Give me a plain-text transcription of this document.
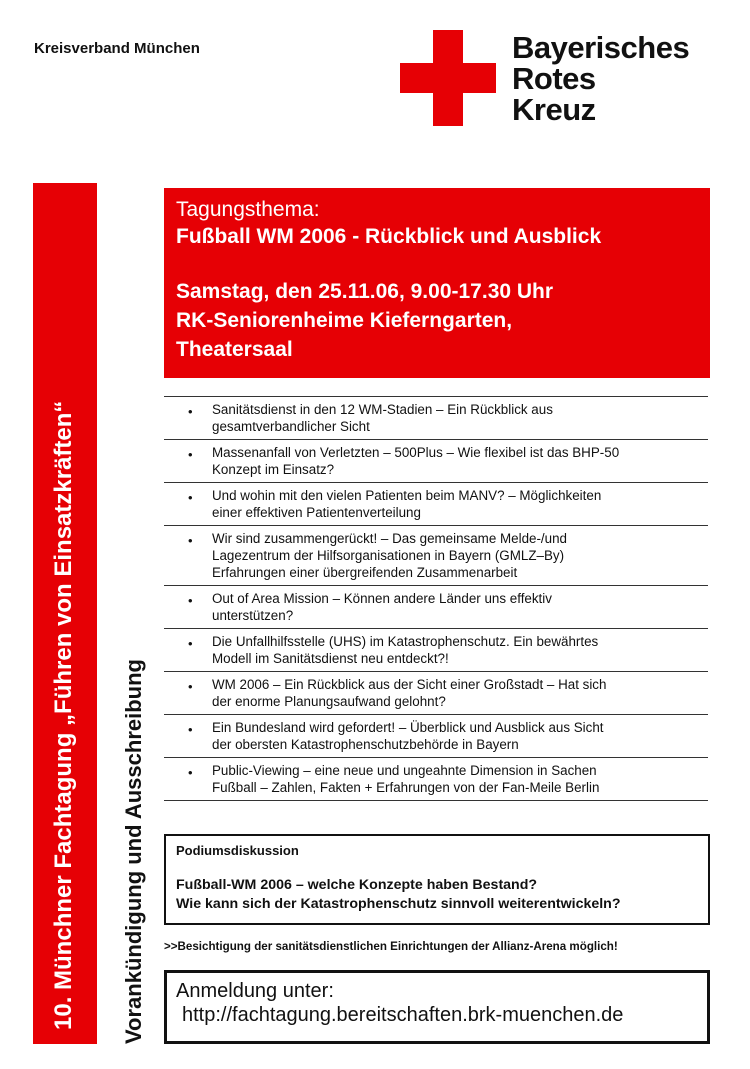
Kreisverband München	Bayerisches
Rotes
Kreuz
10. Münchner Fachtagung „Führen von Einsatzkräften“	Vorankündigung und Ausschreibung
Tagungsthema:
Fußball WM 2006 - Rückblick und Ausblick
Samstag, den 25.11.06, 9.00-17.30 Uhr
RK-Seniorenheime Kieferngarten,
Theatersaal
• Sanitätsdienst in den 12 WM-Stadien – Ein Rückblick aus
gesamtverbandlicher Sicht
• Massenanfall von Verletzten – 500Plus – Wie flexibel ist das BHP-50
Konzept im Einsatz?
• Und wohin mit den vielen Patienten beim MANV? – Möglichkeiten
einer effektiven Patientenverteilung
• Wir sind zusammengerückt! – Das gemeinsame Melde-/und
Lagezentrum der Hilfsorganisationen in Bayern (GMLZ–By)
Erfahrungen einer übergreifenden Zusammenarbeit
• Out of Area Mission – Können andere Länder uns effektiv
unterstützen?
• Die Unfallhilfsstelle (UHS) im Katastrophenschutz. Ein bewährtes
Modell im Sanitätsdienst neu entdeckt?!
• WM 2006 – Ein Rückblick aus der Sicht einer Großstadt – Hat sich
der enorme Planungsaufwand gelohnt?
• Ein Bundesland wird gefordert! – Überblick und Ausblick aus Sicht
der obersten Katastrophenschutzbehörde in Bayern
• Public-Viewing – eine neue und ungeahnte Dimension in Sachen
Fußball – Zahlen, Fakten + Erfahrungen von der Fan-Meile Berlin
Podiumsdiskussion
Fußball-WM 2006 – welche Konzepte haben Bestand?
Wie kann sich der Katastrophenschutz sinnvoll weiterentwickeln?
>>Besichtigung der sanitätsdienstlichen Einrichtungen der Allianz-Arena möglich!
Anmeldung unter:
http://fachtagung.bereitschaften.brk-muenchen.de
